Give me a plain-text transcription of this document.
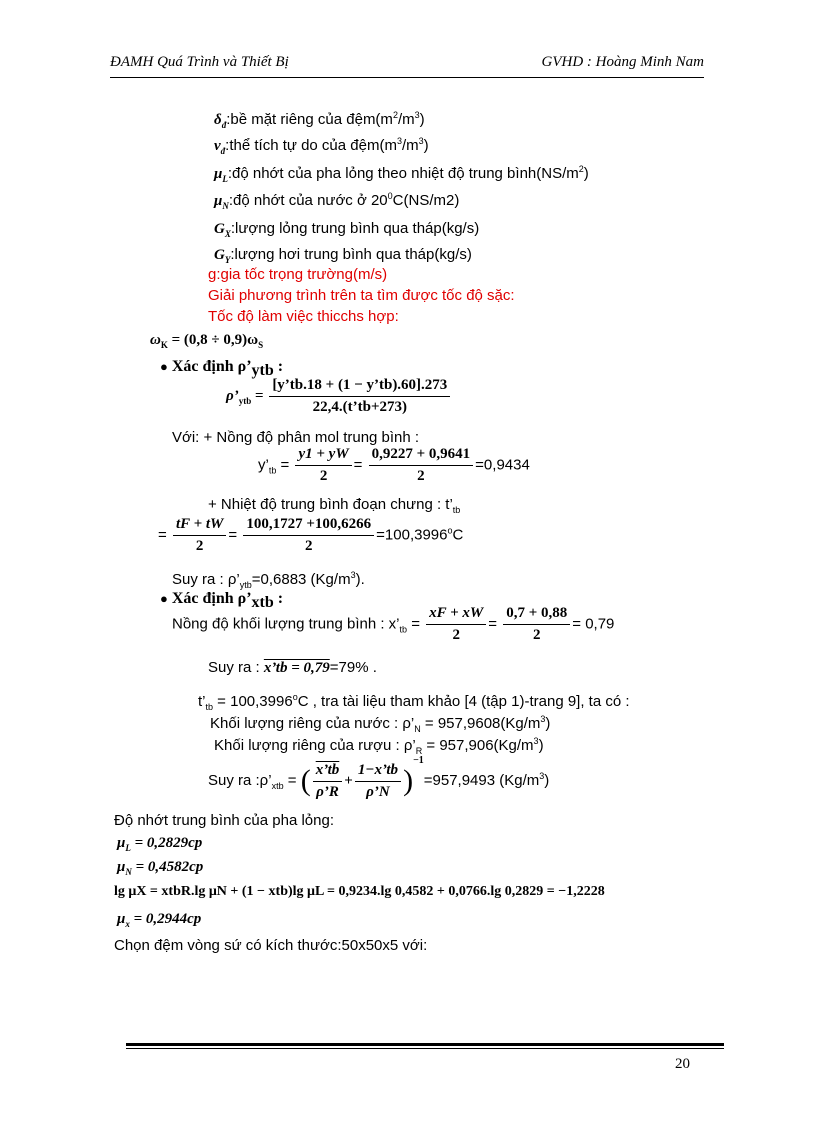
ĐAMH Quá Trình và Thiết Bị	GVHD : Hoàng Minh Nam
$\delta_đ:bề$ mặt riêng của $đệm(m^2/m^3)$
$\nu_đ:thể$ tích tự do của $đệm(m^3/m^3)$
$\mu_L:độ$ nhớt của pha lỏng theo nhiệt độ trung $bình(NS/m^2)$
$\mu_N:độ$ nhớt của nước ở $20^0C(NS/m2)$
$G_X:lượng$ lỏng trung bình qua tháp(kg/s)
$G_Y:lượng$ hơi trung bình qua tháp(kg/s)
g:gia tốc trọng trường(m/s)
Giải phương trình trên ta tìm được tốc độ sặc:
Tốc độ làm việc thicchs hợp:
$\omega_K = (0,8 \div 0,9)\omega_S$
● Xác định ρ’ytb :
$\rho’_{ytb} = \frac{[y’tb.18 + (1 - y’tb).60].273}{22,4.(t’tb+273)}$
Với: + Nồng độ phân mol trung bình :
$y’_{tb} = \frac{y1 + yW}{2} = \frac{0,9227 + 0,9641}{2} =0,9434$
+ Nhiệt độ trung bình đoạn chưng : $t’_{tb}$
= $\frac{tF + tW}{2} = \frac{100,1727 +100,6266}{2} =100,3996^oC$
Suy ra : $\rho’_{ytb}=0,6883$ $(Kg/m^3)$.
● Xác định ρ’xtb :
Nồng độ khối lượng trung bình : $x’_{tb} = \frac{xF + xW}{2} = \frac{0,7 + 0,88}{2} = 0,79$
Suy ra : x’tb = 0,79=79% .
$t’_{tb} = 100,3996^oC$ , tra tài liệu tham khảo [4 (tập 1)-trang 9], ta có :
Khối lượng riêng của nước : $\rho’_N = 957,9608(Kg/m^3)$
Khối lượng riêng của rượu : $\rho’_R = 957,906(Kg/m^3)$
Suy ra $:\rho’_{xtb}$ = ( $\frac{x’tb}{\rho’R} + \frac{1-x’tb}{\rho’N} )^{-1}=957,9493$ $(Kg/m^3)$
Độ nhớt trung bình của pha lỏng:
$\mu_L = 0,2829cp$
$\mu_N = 0,4582cp$
lg μX = xtbR.lg μN + (1 − xtb)lg μL = 0,9234.lg 0,4582 + 0,0766.lg 0,2829 = −1,2228
$\mu_x = 0,2944cp$
Chọn đệm vòng sứ có kích thước:50x50x5 với:
20
